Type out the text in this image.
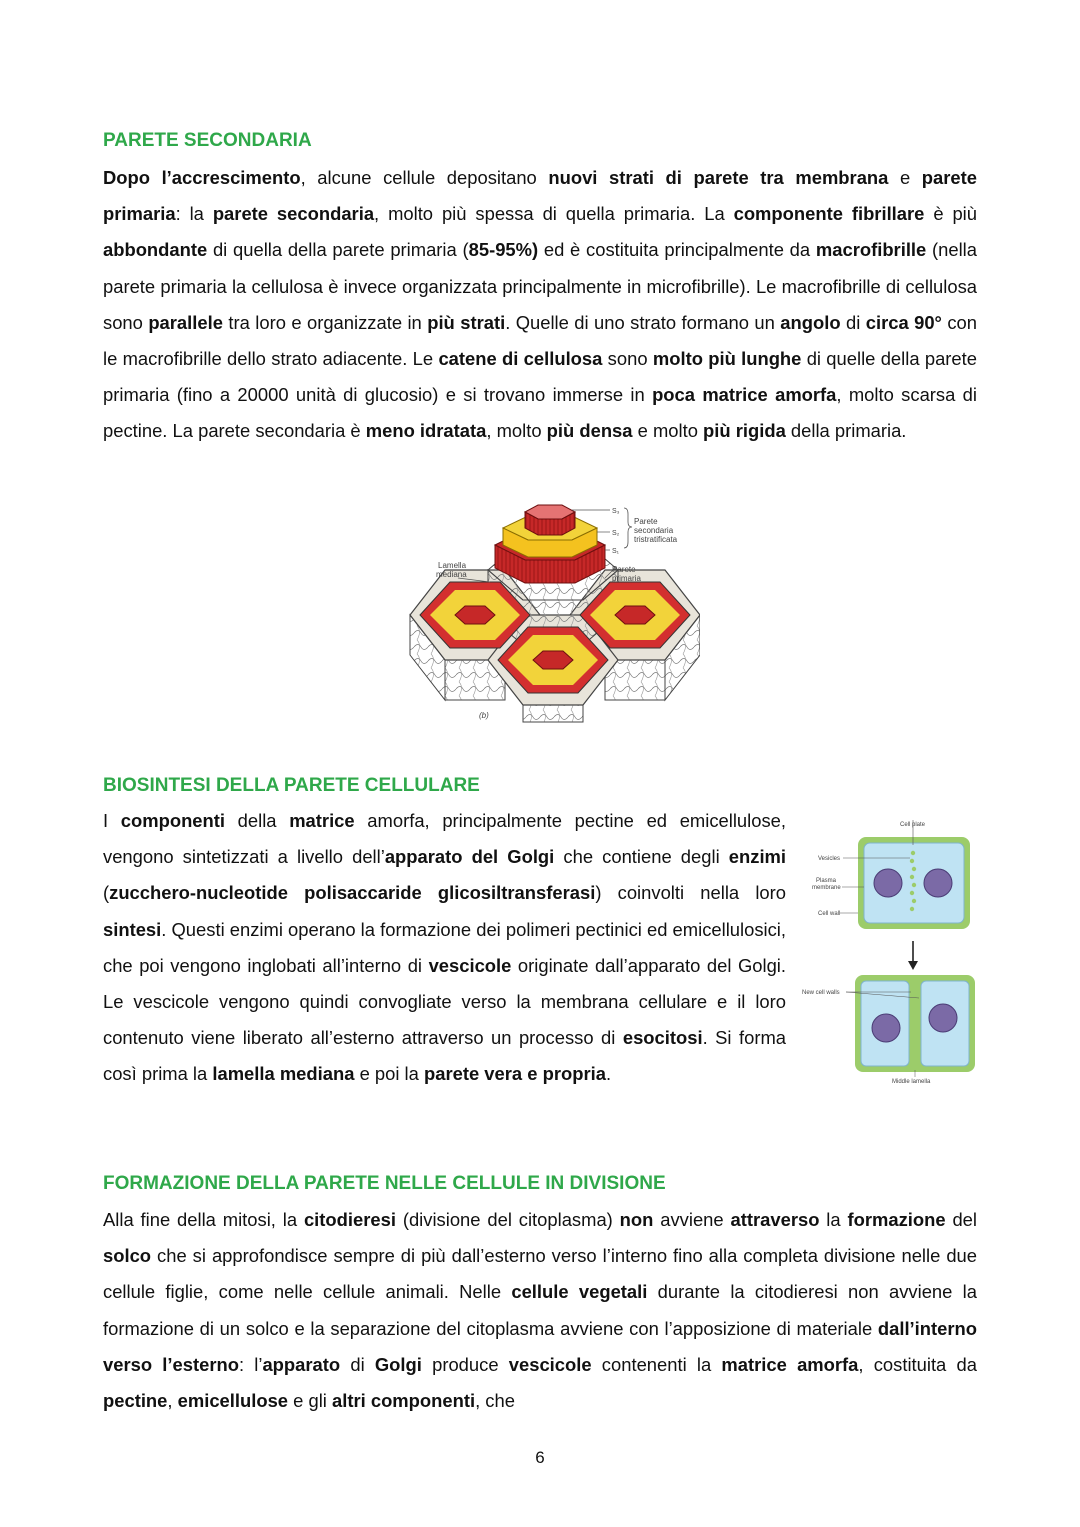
PARETE SECONDARIA

Dopo l’accrescimento, alcune cellule depositano nuovi strati di parete tra membrana e parete primaria: la parete secondaria, molto più spessa di quella primaria. La componente fibrillare è più abbondante di quella della parete primaria (85-95%) ed è costituita principalmente da macrofibrille (nella parete primaria la cellulosa è invece organizzata principalmente in microfibrille). Le macrofibrille di cellulosa sono parallele tra loro e organizzate in più strati. Quelle di uno strato formano un angolo di circa 90° con le macrofibrille dello strato adiacente. Le catene di cellulosa sono molto più lunghe di quelle della parete primaria (fino a 20000 unità di glucosio) e si trovano immerse in poca matrice amorfa, molto scarsa di pectine. La parete secondaria è meno idratata, molto più densa e molto più rigida della primaria.

S₃
S₂
S₁
Parete
secondaria
tristratificata
Parete
primaria
Lamella
mediana
(b)
BIOSINTESI DELLA PARETE CELLULARE

I componenti della matrice amorfa, principalmente pectine ed emicellulose, vengono sintetizzati a livello dell’apparato del Golgi che contiene degli enzimi (zucchero-nucleotide polisaccaride glicosiltransferasi) coinvolti nella loro sintesi. Questi enzimi operano la formazione dei polimeri pectinici ed emicellulosici, che poi vengono inglobati all’interno di vescicole originate dall’apparato del Golgi. Le vescicole vengono quindi convogliate verso la membrana cellulare e il loro contenuto viene liberato all’esterno attraverso un processo di esocitosi. Si forma così prima la lamella mediana e poi la parete vera e propria.

Cell plate
Vesicles
Plasma
membrane
Cell wall
New cell walls
Middle lamella
FORMAZIONE DELLA PARETE NELLE CELLULE IN DIVISIONE

Alla fine della mitosi, la citodieresi (divisione del citoplasma) non avviene attraverso la formazione del solco che si approfondisce sempre di più dall’esterno verso l’interno fino alla completa divisione nelle due cellule figlie, come nelle cellule animali. Nelle cellule vegetali durante la citodieresi non avviene la formazione di un solco e la separazione del citoplasma avviene con l’apposizione di materiale dall’interno verso l’esterno: l’apparato di Golgi produce vescicole contenenti la matrice amorfa, costituita da pectine, emicellulose e gli altri componenti, che

6
